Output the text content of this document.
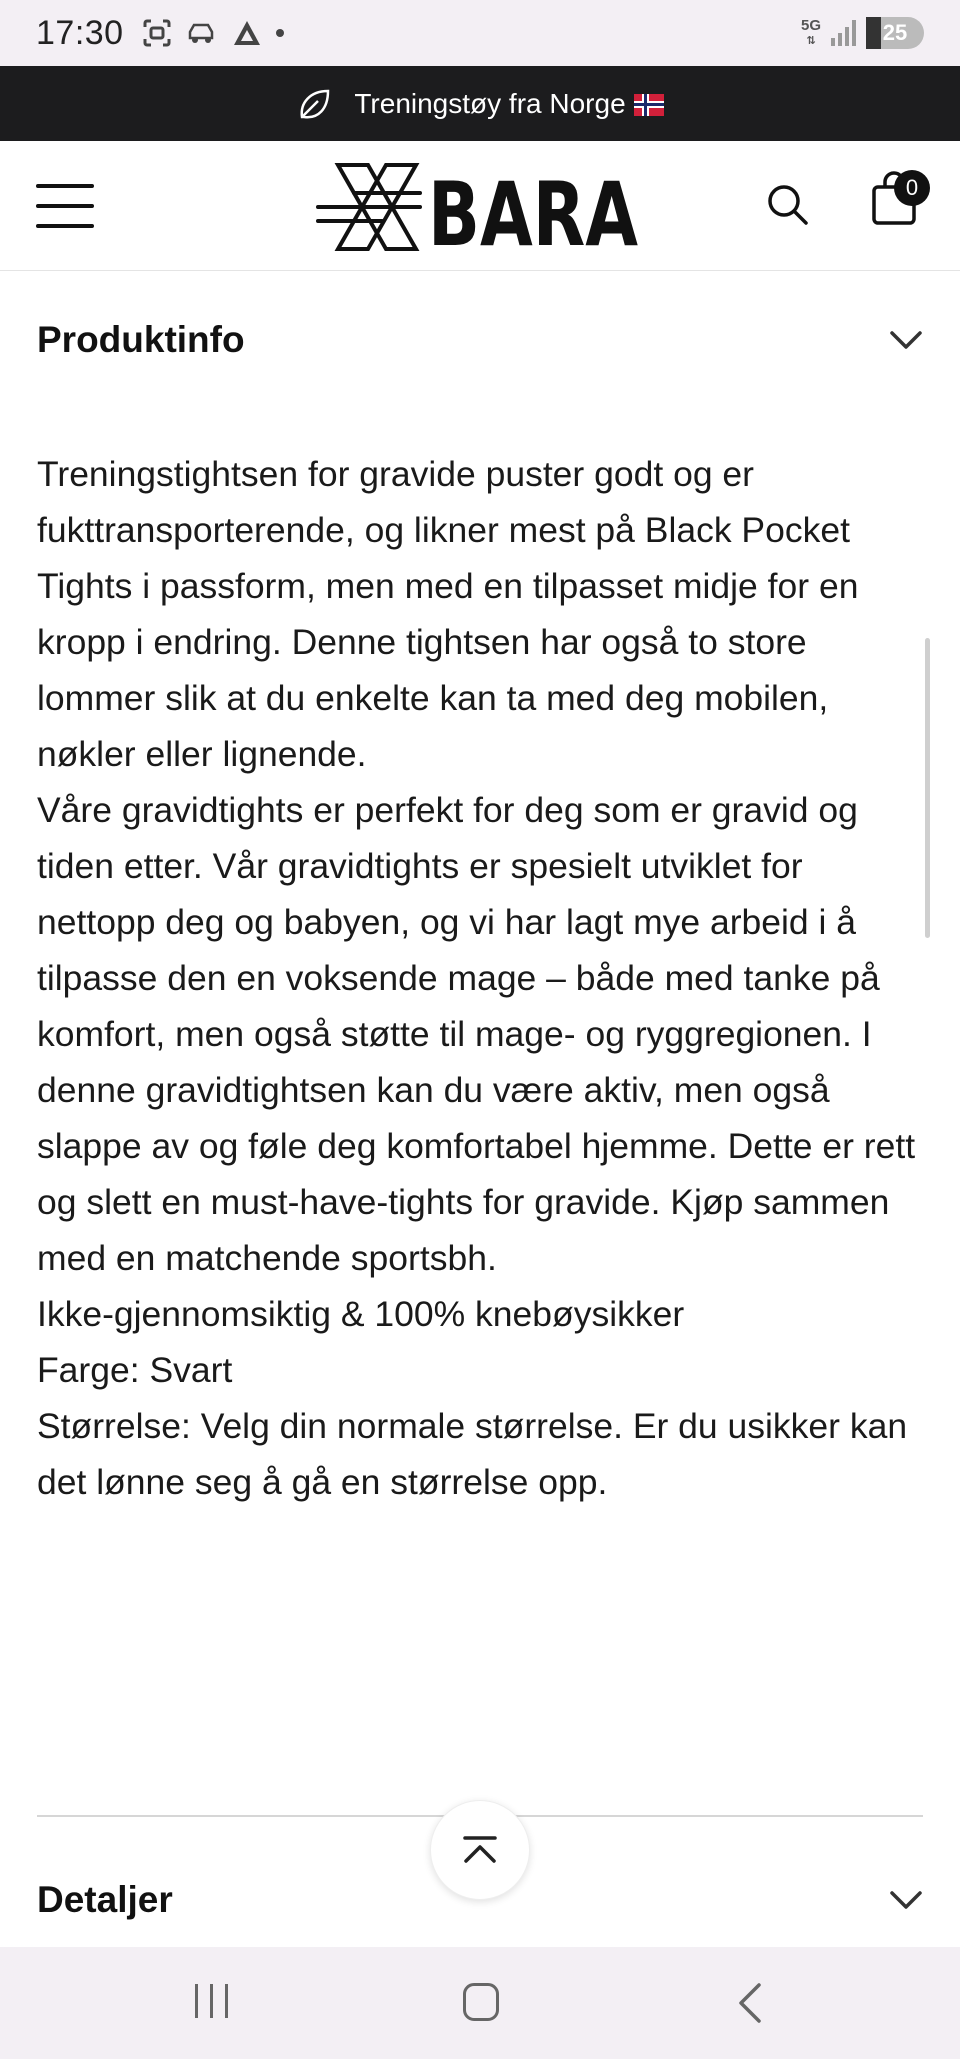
17:30	5G
⇅	25
Treningstøy fra Norge
BARA	0
Produktinfo

Treningstightsen for gravide puster godt og er fukttransporterende, og likner mest på Black Pocket Tights i passform, men med en tilpasset midje for en kropp i endring. Denne tightsen har også to store lommer slik at du enkelte kan ta med deg mobilen, nøkler eller lignende.

Våre gravidtights er perfekt for deg som er gravid og tiden etter. Vår gravidtights er spesielt utviklet for nettopp deg og babyen, og vi har lagt mye arbeid i å tilpasse den en voksende mage – både med tanke på komfort, men også støtte til mage- og ryggregionen. I denne gravidtightsen kan du være aktiv, men også slappe av og føle deg komfortabel hjemme. Dette er rett og slett en must-have-tights for gravide. Kjøp sammen med en matchende sportsbh.

Ikke-gjennomsiktig & 100% knebøysikker

Farge: Svart

Størrelse: Velg din normale størrelse. Er du usikker kan det lønne seg å gå en størrelse opp.

Detaljer
